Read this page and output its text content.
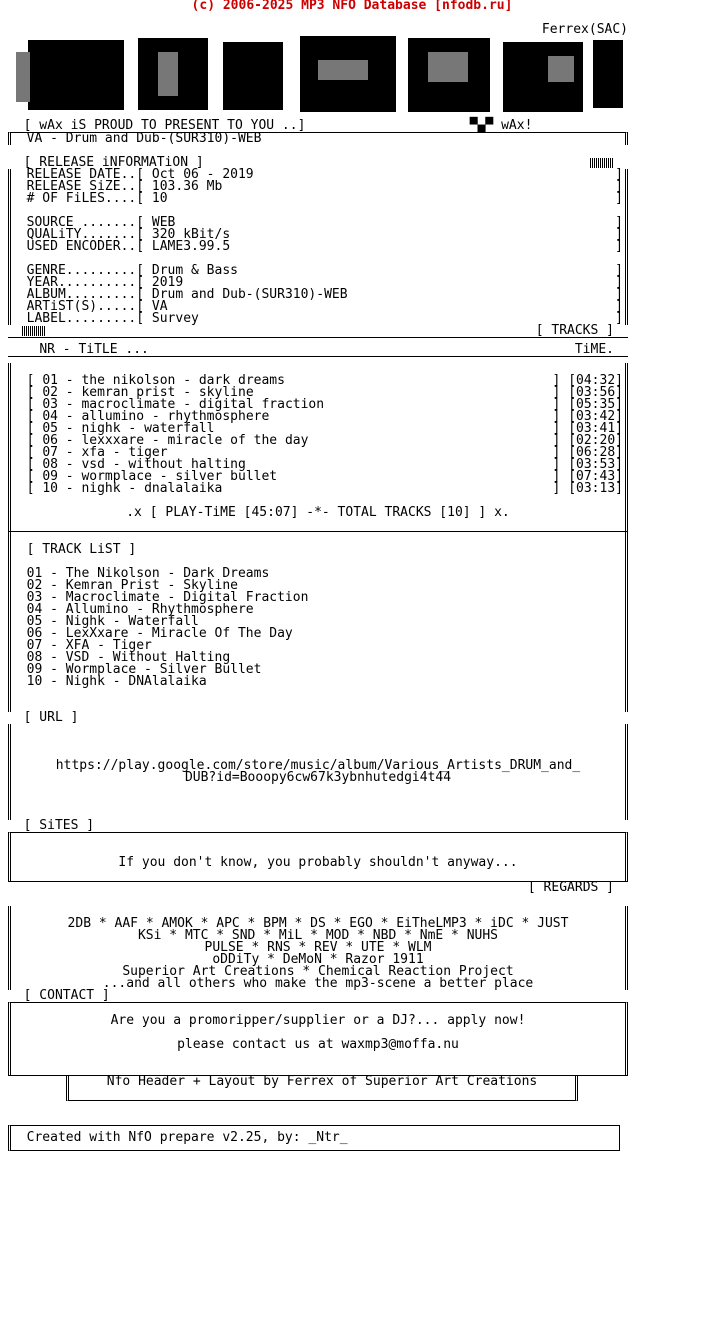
(c) 2006-2025 MP3 NFO Database [nfodb.ru]
Ferrex(SAC)
[ wAx iS PROUD TO PRESENT TO YOU ..]                     ▀▄▀ wAx!
VA - Drum and Dub-(SUR310)-WEB
[ RELEASE iNFORMATiON ]
RELEASE DATE..[ Oct 06 - 2019	]
RELEASE SiZE..[ 103.36 Mb	]
# OF FiLES....[ 10	]

SOURCE .......[ WEB	]
QUALiTY.......[ 320 kBit/s	]
USED ENCODER..[ LAME3.99.5	]

GENRE.........[ Drum & Bass	]
YEAR..........[ 2019	]
ALBUM.........[ Drum and Dub-(SUR310)-WEB	]
ARTiST(S).....[ VA	]
LABEL.........[ Survey	]
[ TRACKS ]
NR - TiTLE ...	TiME.
[ 01 - the nikolson - dark dreams	] [04:32]
[ 02 - kemran prist - skyline	] [03:56]
[ 03 - macroclimate - digital fraction	] [05:35]
[ 04 - allumino - rhythmosphere	] [03:42]
[ 05 - nighk - waterfall	] [03:41]
[ 06 - lexxxare - miracle of the day	] [02:20]
[ 07 - xfa - tiger	] [06:28]
[ 08 - vsd - without halting	] [03:53]
[ 09 - wormplace - silver bullet	] [07:43]
[ 10 - nighk - dnalalaika	] [03:13]
.x [ PLAY-TiME [45:07] -*- TOTAL TRACKS [10] ] x.
[ TRACK LiST ]
01 - The Nikolson - Dark Dreams
02 - Kemran Prist - Skyline
03 - Macroclimate - Digital Fraction
04 - Allumino - Rhythmosphere
05 - Nighk - Waterfall
06 - LexXxare - Miracle Of The Day
07 - XFA - Tiger
08 - VSD - Without Halting
09 - Wormplace - Silver Bullet
10 - Nighk - DNAlalaika
[ URL ]
https://play.google.com/store/music/album/Various_Artists_DRUM_and_
DUB?id=Booopy6cw67k3ybnhutedgi4t44
[ SiTES ]
If you don't know, you probably shouldn't anyway...
[ REGARDS ]
2DB * AAF * AMOK * APC * BPM * DS * EGO * EiTheLMP3 * iDC * JUST
KSi * MTC * SND * MiL * MOD * NBD * NmE * NUHS
PULSE * RNS * REV * UTE * WLM
oDDiTy * DeMoN * Razor 1911
Superior Art Creations * Chemical Reaction Project
...and all others who make the mp3-scene a better place
[ CONTACT ]
Are you a promoripper/supplier or a DJ?... apply now!
please contact us at waxmp3@moffa.nu
Nfo Header + Layout by Ferrex of Superior Art Creations
Created with NfO prepare v2.25, by: _Ntr_
